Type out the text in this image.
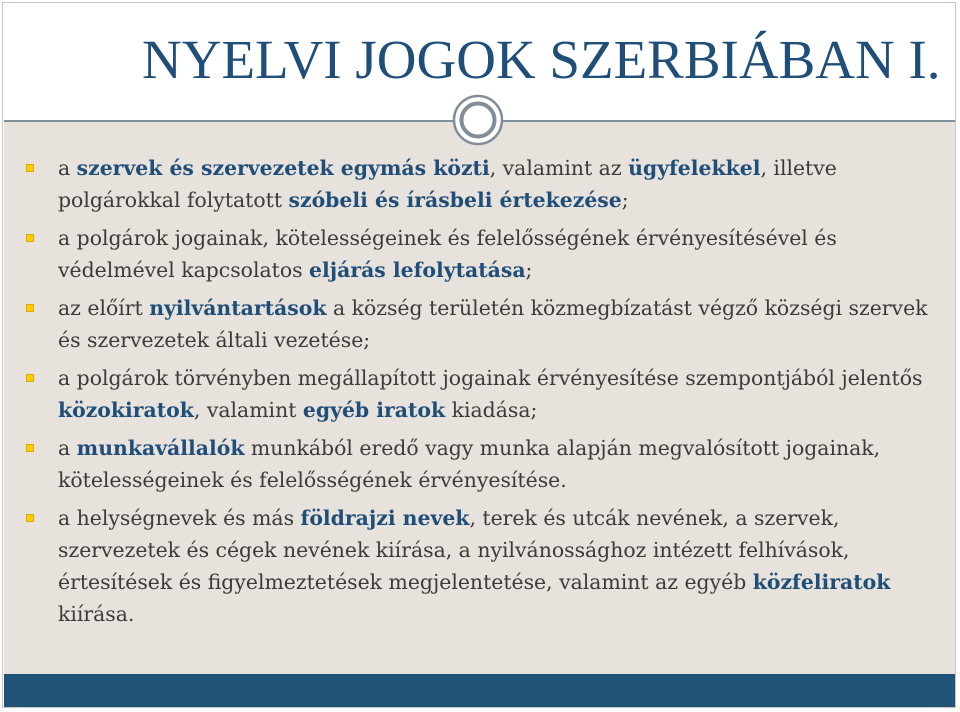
NYELVI JOGOK SZERBIÁBAN I.
a szervek és szervezetek egymás közti, valamint az ügyfelekkel, illetve polgárokkal folytatott szóbeli és írásbeli értekezése;
a polgárok jogainak, kötelességeinek és felelősségének érvényesítésével és védelmével kapcsolatos eljárás lefolytatása;
az előírt nyilvántartások a község területén közmegbízatást végző községi szervek és szervezetek általi vezetése;
a polgárok törvényben megállapított jogainak érvényesítése szempontjából jelentős közokiratok, valamint egyéb iratok kiadása;
a munkavállalók munkából eredő vagy munka alapján megvalósított jogainak, kötelességeinek és felelősségének érvényesítése.
a helységnevek és más földrajzi nevek, terek és utcák nevének, a szervek, szervezetek és cégek nevének kiírása, a nyilvánossághoz intézett felhívások, értesítések és figyelmeztetések megjelentetése, valamint az egyéb közfeliratok kiírása.
